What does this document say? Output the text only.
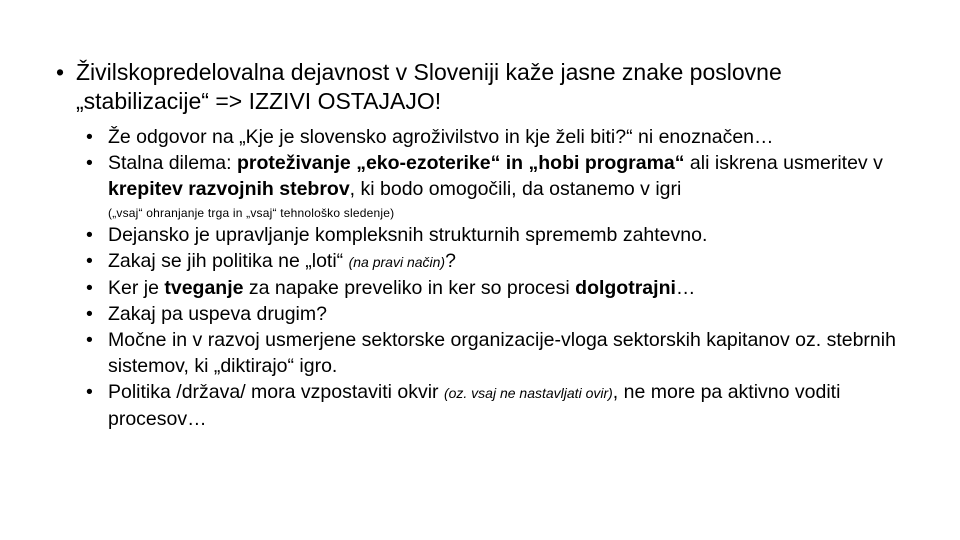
• Živilskopredelovalna dejavnost v Sloveniji kaže jasne znake poslovne
„stabilizacije“ => IZZIVI OSTAJAJO!
• Že odgovor na „Kje je slovensko agroživilstvo in kje želi biti?“ ni enoznačen…
• Stalna dilema: proteživanje „eko-ezoterike“ in „hobi programa“ ali iskrena usmeritev v krepitev razvojnih stebrov, ki bodo omogočili, da ostanemo v igri
(„vsaj“ ohranjanje trga in „vsaj“ tehnološko sledenje)
• Dejansko je upravljanje kompleksnih strukturnih sprememb zahtevno.
• Zakaj se jih politika ne „loti“ (na pravi način)?
• Ker je tveganje za napake preveliko in ker so procesi dolgotrajni…
• Zakaj pa uspeva drugim?
• Močne in v razvoj usmerjene sektorske organizacije-vloga sektorskih kapitanov oz. stebrnih sistemov, ki „diktirajo“ igro.
• Politika /država/ mora vzpostaviti okvir (oz. vsaj ne nastavljati ovir), ne more pa aktivno voditi procesov…
